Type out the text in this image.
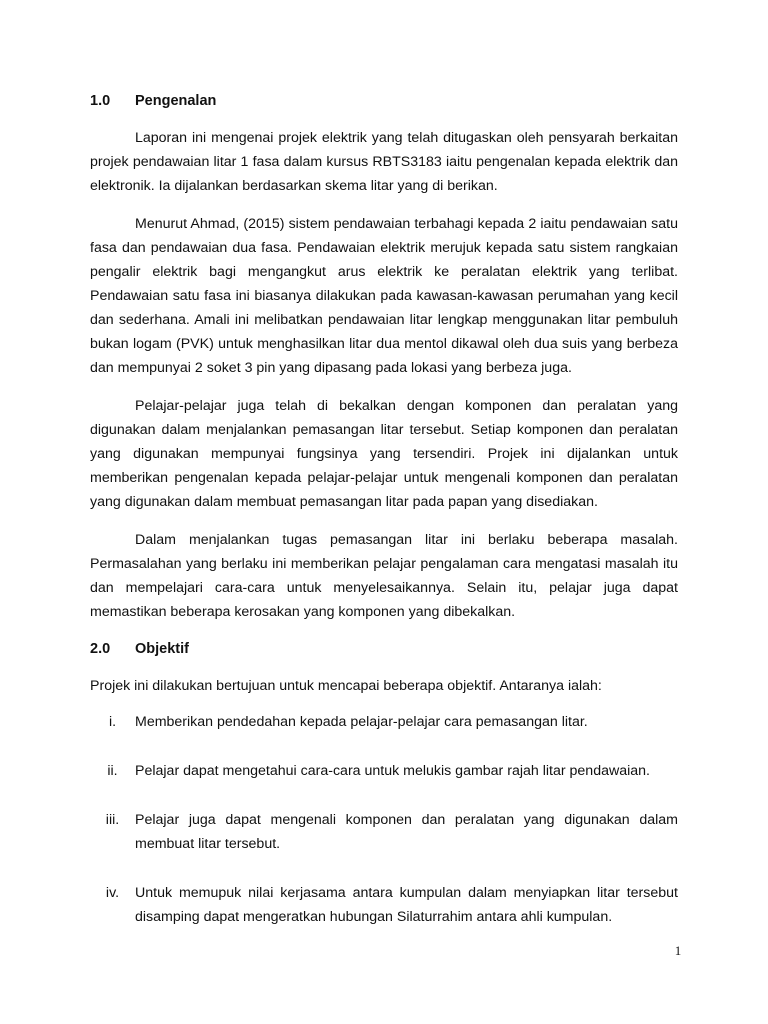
1.0	Pengenalan

Laporan ini mengenai projek elektrik yang telah ditugaskan oleh pensyarah berkaitan projek pendawaian litar 1 fasa dalam kursus RBTS3183 iaitu pengenalan kepada elektrik dan elektronik. Ia dijalankan berdasarkan skema litar yang di berikan.

Menurut Ahmad, (2015) sistem pendawaian terbahagi kepada 2 iaitu pendawaian satu fasa dan pendawaian dua fasa. Pendawaian elektrik merujuk kepada satu sistem rangkaian pengalir elektrik bagi mengangkut arus elektrik ke peralatan elektrik yang terlibat. Pendawaian satu fasa ini biasanya dilakukan pada kawasan-kawasan perumahan yang kecil dan sederhana. Amali ini melibatkan pendawaian litar lengkap menggunakan litar pembuluh bukan logam (PVK) untuk menghasilkan litar dua mentol dikawal oleh dua suis yang berbeza dan mempunyai 2 soket 3 pin yang dipasang pada lokasi yang berbeza juga.

Pelajar-pelajar juga telah di bekalkan dengan komponen dan peralatan yang digunakan dalam menjalankan pemasangan litar tersebut. Setiap komponen dan peralatan yang digunakan mempunyai fungsinya yang tersendiri. Projek ini dijalankan untuk memberikan pengenalan kepada pelajar-pelajar untuk mengenali komponen dan peralatan yang digunakan dalam membuat pemasangan litar pada papan yang disediakan.

Dalam menjalankan tugas pemasangan litar ini berlaku beberapa masalah. Permasalahan yang berlaku ini memberikan pelajar pengalaman cara mengatasi masalah itu dan mempelajari cara-cara untuk menyelesaikannya. Selain itu, pelajar juga dapat memastikan beberapa kerosakan yang komponen yang dibekalkan.

2.0	Objektif

Projek ini dilakukan bertujuan untuk mencapai beberapa objektif. Antaranya ialah:

i.	Memberikan pendedahan kepada pelajar-pelajar cara pemasangan litar.
ii.	Pelajar dapat mengetahui cara-cara untuk melukis gambar rajah litar pendawaian.
iii.	Pelajar juga dapat mengenali komponen dan peralatan yang digunakan dalam membuat litar tersebut.
iv.	Untuk memupuk nilai kerjasama antara kumpulan dalam menyiapkan litar tersebut disamping dapat mengeratkan hubungan Silaturrahim antara ahli kumpulan.
1
